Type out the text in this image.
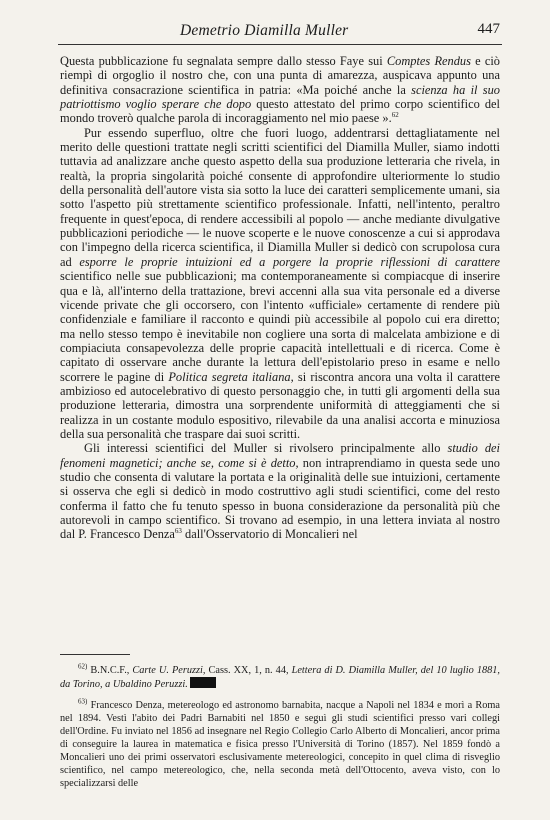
Demetrio Diamilla Muller	447

Questa pubblicazione fu segnalata sempre dallo stesso Faye sui Comptes Rendus e ciò riempì di orgoglio il nostro che, con una punta di amarezza, auspicava appunto una definitiva consacrazione scientifica in patria: «Ma poiché anche la scienza ha il suo patriottismo voglio sperare che dopo questo attestato del primo corpo scientifico del mondo troverò qualche parola di incoraggiamento nel mio paese ».$^{62}$

Pur essendo superfluo, oltre che fuori luogo, addentrarsi dettagliatamente nel merito delle questioni trattate negli scritti scientifici del Diamilla Muller, siamo indotti tuttavia ad analizzare anche questo aspetto della sua produzione letteraria che rivela, in realtà, la propria singolarità poiché consente di approfondire ulteriormente lo studio della personalità dell'autore vista sia sotto la luce dei caratteri semplicemente umani, sia sotto l'aspetto più strettamente scientifico professionale. Infatti, nell'intento, peraltro frequente in quest'epoca, di rendere accessibili al popolo — anche mediante divulgative pubblicazioni periodiche — le nuove scoperte e le nuove conoscenze a cui si approdava con l'impegno della ricerca scientifica, il Diamilla Muller si dedicò con scrupolosa cura ad esporre le proprie intuizioni ed a porgere la proprie riflessioni di carattere scientifico nelle sue pubblicazioni; ma contemporaneamente si compiacque di inserire qua e là, all'interno della trattazione, brevi accenni alla sua vita personale ed a diverse vicende private che gli occorsero, con l'intento «ufficiale» certamente di rendere più confidenziale e familiare il racconto e quindi più accessibile al popolo cui era diretto; ma nello stesso tempo è inevitabile non cogliere una sorta di malcelata ambizione e di compiaciuta consapevolezza delle proprie capacità intellettuali e di ricerca. Come è capitato di osservare anche durante la lettura dell'epistolario preso in esame e nello scorrere le pagine di Politica segreta italiana, si riscontra ancora una volta il carattere ambizioso ed autocelebrativo di questo personaggio che, in tutti gli argomenti della sua produzione letteraria, dimostra una sorprendente uniformità di atteggiamenti che si realizza in un costante modulo espositivo, rilevabile da una analisi accorta e minuziosa della sua personalità che traspare dai suoi scritti.

Gli interessi scientifici del Muller si rivolsero principalmente allo studio dei fenomeni magnetici; anche se, come si è detto, non intraprendiamo in questa sede uno studio che consenta di valutare la portata e la originalità delle sue intuizioni, certamente si osserva che egli si dedicò in modo costruttivo agli studi scientifici, come del resto conferma il fatto che fu tenuto spesso in buona considerazione da personalità più che autorevoli in campo scientifico. Si trovano ad esempio, in una lettera inviata al nostro dal P. Francesco Denza$^{63}$ dall'Osservatorio di Moncalieri nel

$^{62)}$ B.N.C.F., Carte U. Peruzzi, Cass. XX, 1, n. 44, Lettera di D. Diamilla Muller, del 10 luglio 1881, da Torino, a Ubaldino Peruzzi.

$^{63)}$ Francesco Denza, metereologo ed astronomo barnabita, nacque a Napoli nel 1834 e morì a Roma nel 1894. Vestì l'abito dei Padri Barnabiti nel 1850 e seguì gli studi scientifici presso vari collegi dell'Ordine. Fu inviato nel 1856 ad insegnare nel Regio Collegio Carlo Alberto di Moncalieri, ancor prima di conseguire la laurea in matematica e fisica presso l'Università di Torino (1857). Nel 1859 fondò a Moncalieri uno dei primi osservatori esclusivamente metereologici, concepito in quel clima di risveglio scientifico, nel campo metereologico, che, nella seconda metà dell'Ottocento, aveva visto, con lo specializzarsi delle
